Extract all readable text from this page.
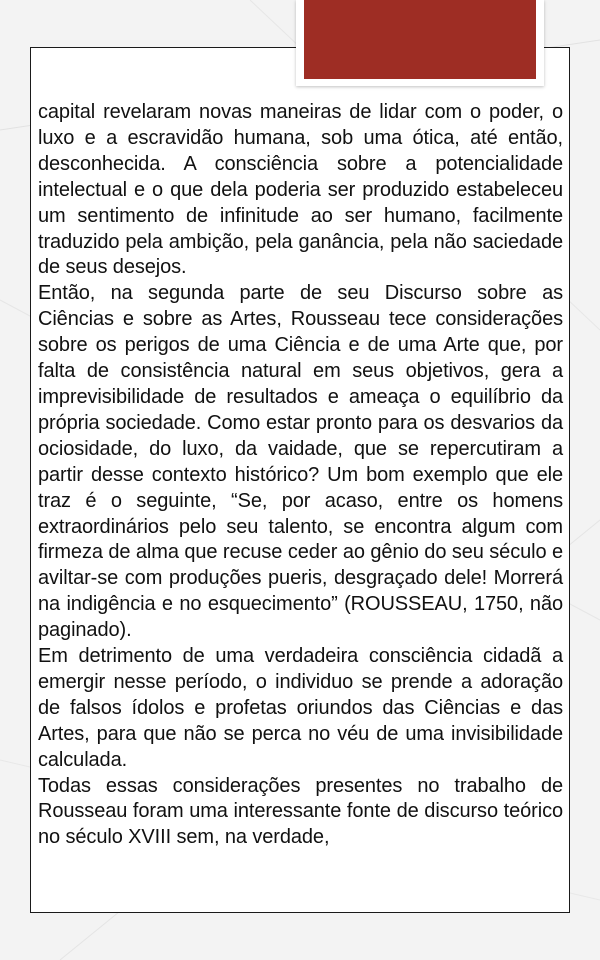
capital revelaram novas maneiras de lidar com o poder, o luxo e a escravidão humana, sob uma ótica, até então, desconhecida. A consciência sobre a potencialidade intelectual e o que dela poderia ser produzido estabeleceu um sentimento de infinitude ao ser humano, facilmente traduzido pela ambição, pela ganância, pela não saciedade de seus desejos.

Então, na segunda parte de seu Discurso sobre as Ciências e sobre as Artes, Rousseau tece considerações sobre os perigos de uma Ciência e de uma Arte que, por falta de consistência natural em seus objetivos, gera a imprevisibilidade de resultados e ameaça o equilíbrio da própria sociedade. Como estar pronto para os desvarios da ociosidade, do luxo, da vaidade, que se repercutiram a partir desse contexto histórico? Um bom exemplo que ele traz é o seguinte, “Se, por acaso, entre os homens extraordinários pelo seu talento, se encontra algum com firmeza de alma que recuse ceder ao gênio do seu século e aviltar-se com produções pueris, desgraçado dele! Morrerá na indigência e no esquecimento” (ROUSSEAU, 1750, não paginado).

Em detrimento de uma verdadeira consciência cidadã a emergir nesse período, o individuo se prende a adoração de falsos ídolos e profetas oriundos das Ciências e das Artes, para que não se perca no véu de uma invisibilidade calculada.

Todas essas considerações presentes no trabalho de Rousseau foram uma interessante fonte de discurso teórico no século XVIII sem, na verdade,
